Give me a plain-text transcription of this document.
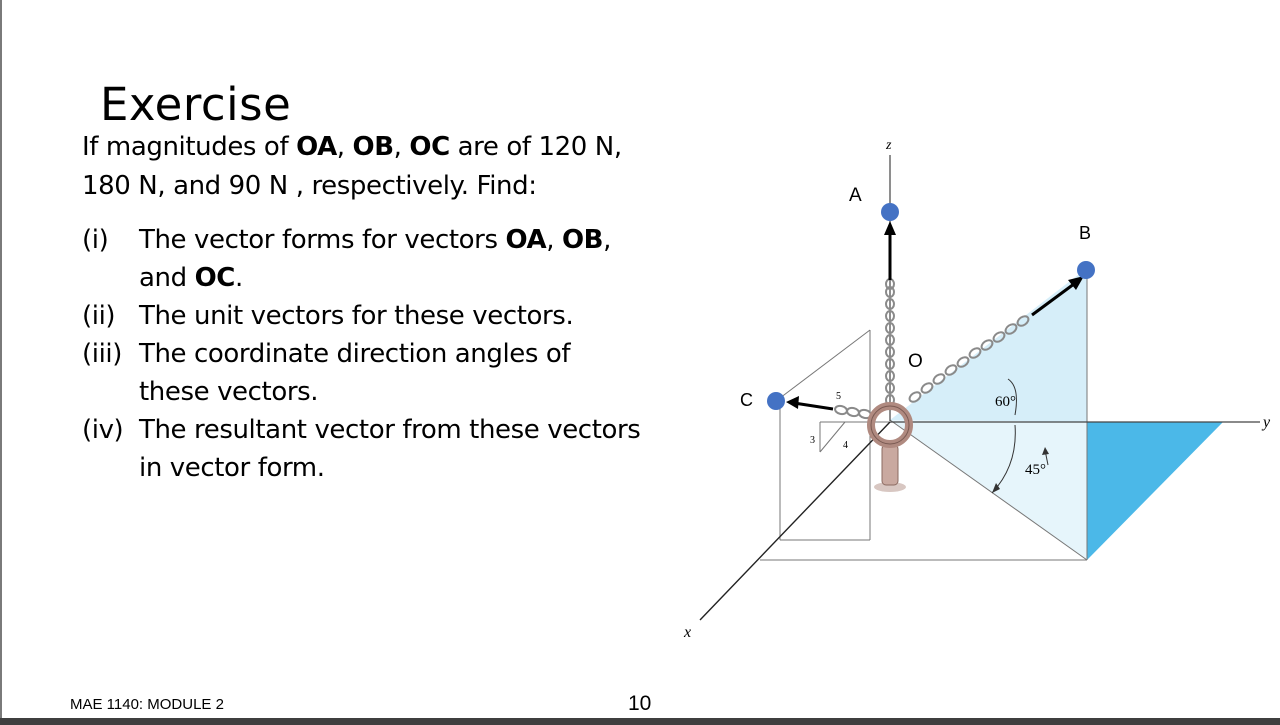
Exercise
If magnitudes of OA, OB, OC are of 120 N, 180 N, and 90 N , respectively. Find:
(i)	The vector forms for vectors OA, OB, and OC.
(ii) The unit vectors for these vectors.
(iii) The coordinate direction angles of these vectors.
(iv) The resultant vector from these vectors in vector form.
MAE 1140: MODULE 2	10
A
B
C
O
z
y
x
60°
45°
3	4
5
